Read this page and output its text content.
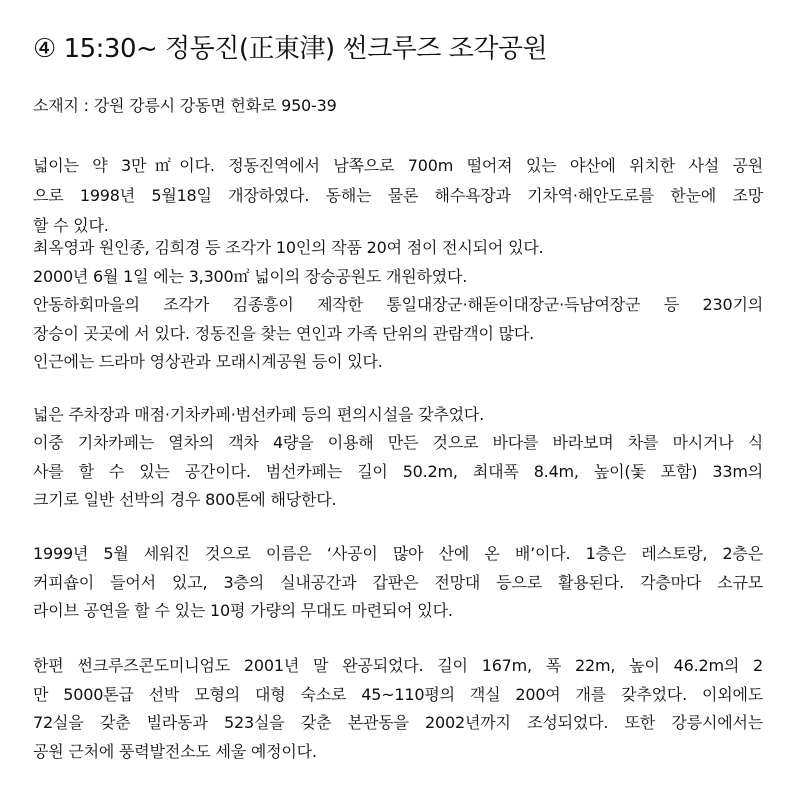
④ 15:30~ 정동진(正東津) 썬크루즈 조각공원
소재지 : 강원 강릉시 강동면 헌화로 950-39
넓이는 약 3만㎡이다. 정동진역에서 남쪽으로 700m 떨어져 있는 야산에 위치한 사설 공원
으로 1998년 5월18일 개장하였다. 동해는 물론 해수욕장과 기차역·해안도로를 한눈에 조망
할 수 있다.
최옥영과 원인종, 김희경 등 조각가 10인의 작품 20여 점이 전시되어 있다.
2000년 6월 1일 에는 3,300㎡ 넓이의 장승공원도 개원하였다.
안동하회마을의 조각가 김종흥이 제작한 통일대장군·해돋이대장군·득남여장군 등 230기의
장승이 곳곳에 서 있다. 정동진을 찾는 연인과 가족 단위의 관람객이 많다.
인근에는 드라마 영상관과 모래시계공원 등이 있다.
넓은 주차장과 매점·기차카페·범선카페 등의 편의시설을 갖추었다.
이중 기차카페는 열차의 객차 4량을 이용해 만든 것으로 바다를 바라보며 차를 마시거나 식
사를 할 수 있는 공간이다. 범선카페는 길이 50.2m, 최대폭 8.4m, 높이(돛 포함) 33m의
크기로 일반 선박의 경우 800톤에 해당한다.
1999년 5월 세워진 것으로 이름은 ‘사공이 많아 산에 온 배’이다. 1층은 레스토랑, 2층은
커피숍이 들어서 있고, 3층의 실내공간과 갑판은 전망대 등으로 활용된다. 각층마다 소규모
라이브 공연을 할 수 있는 10평 가량의 무대도 마련되어 있다.
한편 썬크루즈콘도미니엄도 2001년 말 완공되었다. 길이 167m, 폭 22m, 높이 46.2m의 2
만 5000톤급 선박 모형의 대형 숙소로 45~110평의 객실 200여 개를 갖추었다. 이외에도
72실을 갖춘 빌라동과 523실을 갖춘 본관동을 2002년까지 조성되었다. 또한 강릉시에서는
공원 근처에 풍력발전소도 세울 예정이다.
